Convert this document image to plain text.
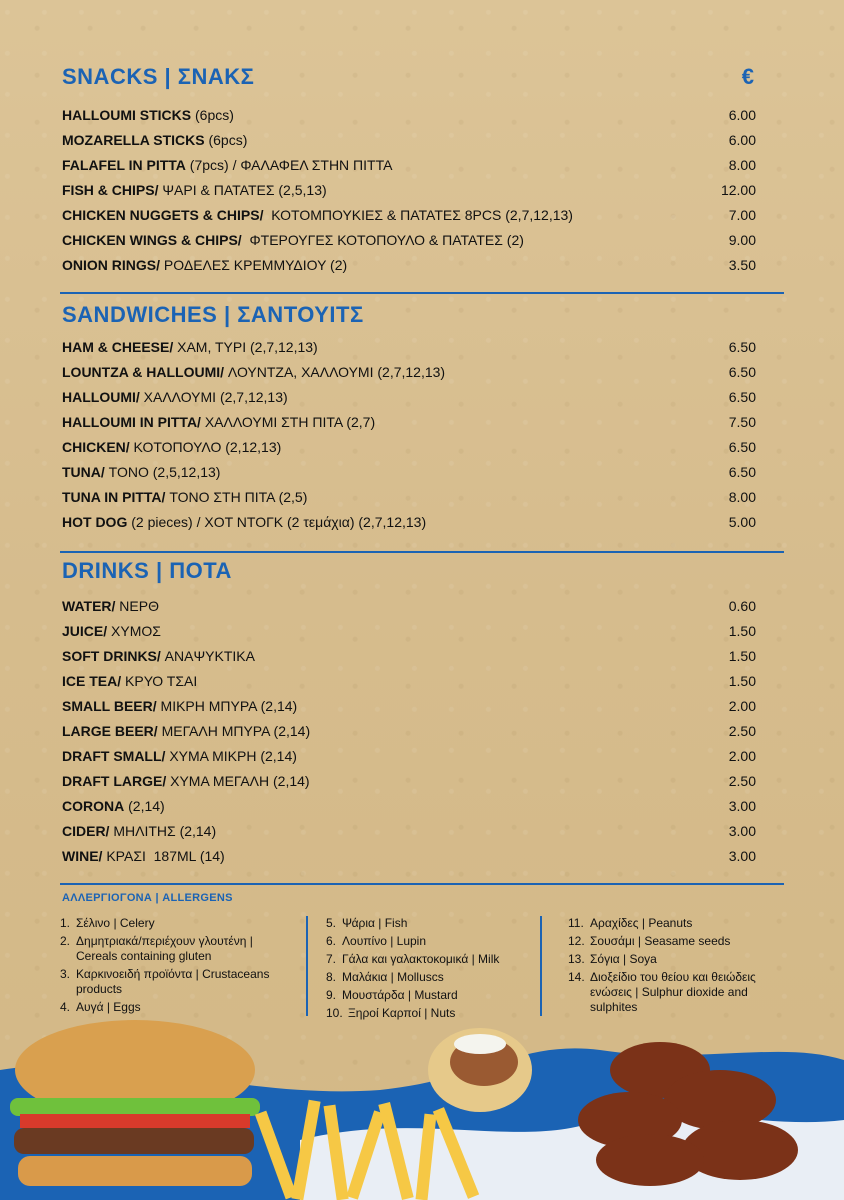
SNACKS | ΣΝΑΚΣ	€
HALLOUMI STICKS (6pcs)	6.00
MOZARELLA STICKS (6pcs)	6.00
FALAFEL IN PITTA (7pcs) / ΦΑΛΑΦΕΛ ΣΤΗΝ ΠΙΤΤΑ	8.00
FISH & CHIPS/ ΨΑΡΙ & ΠΑΤΑΤΕΣ (2,5,13)	12.00
CHICKEN NUGGETS & CHIPS/  ΚΟΤΟΜΠΟΥΚΙΕΣ & ΠΑΤΑΤΕΣ 8PCS (2,7,12,13)	7.00
CHICKEN WINGS & CHIPS/  ΦΤΕΡΟΥΓΕΣ ΚΟΤΟΠΟΥΛΟ & ΠΑΤΑΤΕΣ (2)	9.00
ONION RINGS/ ΡΟΔΕΛΕΣ ΚΡΕΜΜΥΔΙΟΥ (2)	3.50
SANDWICHES | ΣΑΝΤΟΥΙΤΣ
HAM & CHEESE/ ΧΑΜ, ΤΥΡΙ (2,7,12,13)	6.50
LOUNTZA & HALLOUMI/ ΛΟΥΝΤΖΑ, ΧΑΛΛΟΥΜΙ (2,7,12,13)	6.50
HALLOUMI/ ΧΑΛΛΟΥΜΙ (2,7,12,13)	6.50
HALLOUMI IN PITTA/ ΧΑΛΛΟΥΜΙ ΣΤΗ ΠΙΤΑ (2,7)	7.50
CHICKEN/ ΚΟΤΟΠΟΥΛΟ (2,12,13)	6.50
TUNA/ ΤΟΝΟ (2,5,12,13)	6.50
TUNA IN PITTA/ ΤΟΝΟ ΣΤΗ ΠΙΤΑ (2,5)	8.00
HOT DOG (2 pieces) / ΧΟΤ ΝΤΟΓΚ (2 τεμάχια) (2,7,12,13)	5.00
DRINKS | ΠΟΤΑ
WATER/ ΝΕΡΘ	0.60
JUICE/ ΧΥΜΟΣ	1.50
SOFT DRINKS/ ΑΝΑΨΥΚΤΙΚΑ	1.50
ICE TEA/ ΚΡΥΟ ΤΣΑΙ	1.50
SMALL BEER/ ΜΙΚΡΗ ΜΠΥΡΑ (2,14)	2.00
LARGE BEER/ ΜΕΓΑΛΗ ΜΠΥΡΑ (2,14)	2.50
DRAFT SMALL/ ΧΥΜΑ ΜΙΚΡΗ (2,14)	2.00
DRAFT LARGE/ ΧΥΜΑ ΜΕΓΑΛΗ (2,14)	2.50
CORONA (2,14)	3.00
CIDER/ ΜΗΛΙΤΗΣ (2,14)	3.00
WINE/ ΚΡΑΣΙ  187ML (14)	3.00
ΑΛΛΕΡΓΙΟΓΟΝΑ | ALLERGENS
1. Σέλινο | Celery
2. Δημητριακά/περιέχουν γλουτένη | Cereals containing gluten
3. Καρκινοειδή προϊόντα | Crustaceans products
4. Αυγά | Eggs
5. Ψάρια | Fish
6. Λουπίνο | Lupin
7. Γάλα και γαλακτοκομικά | Milk
8. Μαλάκια | Molluscs
9. Μουστάρδα | Mustard
10. Ξηροί Καρποί | Nuts
11. Αραχίδες | Peanuts
12. Σουσάμι | Seasame seeds
13. Σόγια | Soya
14. Διοξείδιο του θείου και θειώδεις ενώσεις | Sulphur dioxide and sulphites
